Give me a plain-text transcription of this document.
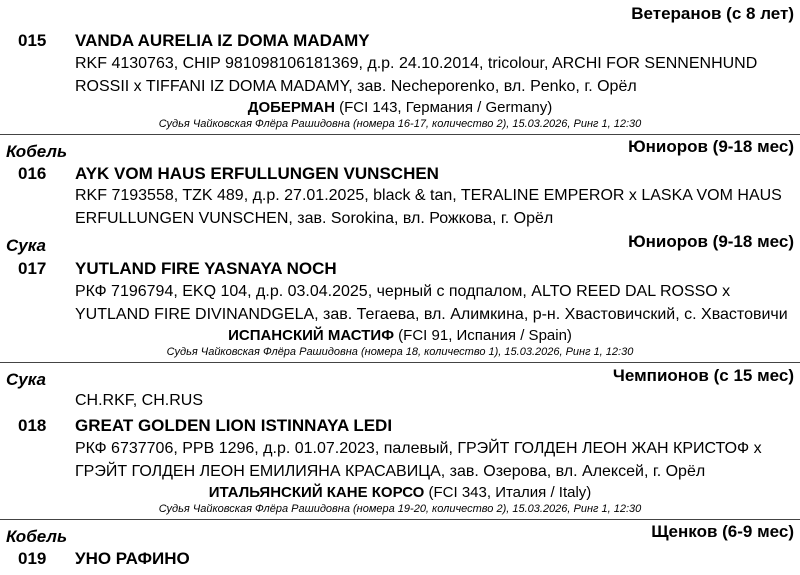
Ветеранов (с 8 лет)
015 VANDA AURELIA IZ DOMA MADAMY
RKF 4130763, CHIP 981098106181369, д.р. 24.10.2014, tricolour, ARCHI FOR SENNENHUND
ROSSII x TIFFANI IZ DOMA MADAMY, зав. Necheporenko, вл. Penko, г. Орёл
ДОБЕРМАН (FCI 143, Германия / Germany)
Судья Чайковская Флёра Рашидовна (номера 16-17, количество 2), 15.03.2026, Ринг 1, 12:30
Кобель	Юниоров (9-18 мес)
016 AYK VOM HAUS ERFULLUNGEN VUNSCHEN
RKF 7193558, TZK 489, д.р. 27.01.2025, black & tan, TERALINE EMPEROR x LASKA VOM HAUS
ERFULLUNGEN VUNSCHEN, зав. Sorokina, вл. Рожкова, г. Орёл
Сука	Юниоров (9-18 мес)
017 YUTLAND FIRE YASNAYA NOCH
РКФ 7196794, EKQ 104, д.р. 03.04.2025, черный с подпалом, ALTO REED DAL ROSSO x
YUTLAND FIRE DIVINANDGELA, зав. Тегаева, вл. Алимкина, р-н. Хвастовичский, с. Хвастовичи
ИСПАНСКИЙ МАСТИФ (FCI 91, Испания / Spain)
Судья Чайковская Флёра Рашидовна (номера 18, количество 1), 15.03.2026, Ринг 1, 12:30
Сука	Чемпионов (с 15 мес)
CH.RKF, CH.RUS
018 GREAT GOLDEN LION ISTINNAYA LEDI
РКФ 6737706, PPB 1296, д.р. 01.07.2023, палевый, ГРЭЙТ ГОЛДЕН ЛЕОН ЖАН КРИСТОФ x
ГРЭЙТ ГОЛДЕН ЛЕОН ЕМИЛИЯНА КРАСАВИЦА, зав. Озерова, вл. Алексей, г. Орёл
ИТАЛЬЯНСКИЙ КАНЕ КОРСО (FCI 343, Италия / Italy)
Судья Чайковская Флёра Рашидовна (номера 19-20, количество 2), 15.03.2026, Ринг 1, 12:30
Кобель	Щенков (6-9 мес)
019 УНО РАФИНО
